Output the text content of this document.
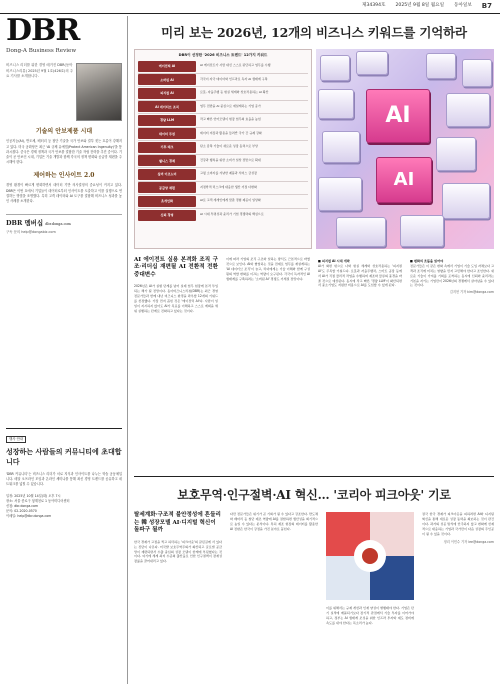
제34394호 2025년 9월 8일 월요일 동아일보 B7
DBR
Dong-A Business Review
비즈니스 리더를 위한 경영 매거진 DBR(동아비즈니스리뷰) 2025년 9월 1호(426호)의 주요 기사를 소개합니다.
기술의 안보제품 시대
인공지능(AI), 반도체, 배터리 등 첨단 기술을 국가 안보와 결부 짓는 흐름이 강해지고 있다. 미국 공화당은 최근 'AI 규제 유예법(Protect American Ingenuity)'을 통과시켰다. 중국은 경제 정책과 국가 안보를 결합한 기술 자립 전략을 추진 중이다. 기술이 곧 안보인 시대, 기업은 기술 개발과 함께 각국의 정책 변화와 공급망 재편을 주시해야 한다.
제어하는 인사이트 2.0
경영 환경이 빠르게 변화하면서 데이터 기반 의사결정의 중요성이 커지고 있다. DBR은 이번 호에서 기업들이 데이터로부터 인사이트를 도출하고 이를 실행으로 연결하는 방법을 조명했다. 특히 고객 데이터와 AI 도구를 결합해 비즈니스 성과를 높인 사례를 소개한다.
DBR 멤버십 dbr.donga.com
구독 문의 help@dongabiz.com
행사 안내
성장하는 사람들의 커뮤니티에 초대합니다
'DBR 커뮤니티'는 비즈니스 리더가 서로 지식과 인사이트를 나누는 학습 공동체입니다. 매달 오프라인 모임과 온라인 세미나를 통해 최신 경영 트렌드를 공유하고 네트워크를 넓힐 수 있습니다.
일정: 2025년 10월 14일(화) 오후 7시
장소: 서울 종로구 청계천로 1 동아미디어센터
신청: dbr.donga.com
문의: 02-2020-0570
이메일: help@dbr.donga.com
미리 보는 2026년, 12개의 비즈니스 키워드를 기억하라
DBR이 선정한 '2026 비즈니스 트렌드' 12가지 키워드
에이전틱 AI	AI 에이전트가 사람 대신 스스로 판단하고 업무를 수행
소버린 AI	각국이 자국 데이터와 인프라로 독자 AI 생태계 구축
피지컬 AI	로봇, 자율주행 등 현실 세계와 상호작용하는 AI 확산
AI 네이티브 조직	업무 전반을 AI 중심으로 재설계하는 기업 증가
경량 LLM	작고 빠른 언어모델이 현장 업무의 효율을 높임
데이터 주권	데이터 저장과 활용을 둘러싼 국가 간 규제 강화
기후 테크	탄소 감축 기술이 새로운 성장 동력으로 부상
웰니스 경제	건강과 행복을 위한 소비가 일상 전반으로 확대
실버 이코노미	고령 소비자를 겨냥한 제품과 서비스 급성장
공급망 재편	지정학적 리스크에 대응한 생산 거점 다변화
초개인화	AI로 고객 개개인에게 맞춘 경험 제공이 일상화
신뢰 경영	AI 시대 투명성과 윤리가 기업 경쟁력의 핵심으로
AI
AI
AI 에이전트 실용 본격화 조직 구조·리더십 재편될 AI 전환적 전환 중대변수
2026년은 AI가 실험 단계를 넘어 실제 업무 현장에 본격 투입되는 해가 될 전망이다. 동아비즈니스리뷰(DBR)는 최근 경영 전문가들과 함께 내년 비즈니스 환경을 좌우할 12개의 키워드를 선정했다. 가장 먼저 꼽힌 것은 '에이전틱 AI'다. 사람이 일일이 지시하지 않아도 AI가 목표를 이해하고 스스로 계획을 세워 실행하는 단계로 진화하고 있다는 것이다.
이에 따라 기업의 조직 구조와 일하는 방식도 근본적으로 바뀔 것으로 보인다. AI와 협업하는 것을 전제로 업무를 재설계하는 'AI 네이티브 조직'이 늘고, 리더에게는 기술 이해와 함께 구성원의 역할 변화를 이끄는 역량이 요구된다. 각국이 독자적인 AI 생태계를 구축하려는 '소버린 AI' 경쟁도 거세질 전망이다.
■ 피지컬 AI 시대 개막
AI가 화면 밖으로 나와 현실 세계와 상호작용하는 '피지컬 AI'도 주목할 키워드다. 로봇과 자율주행차, 스마트 공장 등에서 AI가 직접 물리적 작업을 수행하며 제조와 물류의 풍경을 바꿀 것으로 예상된다. 동시에 작고 빠른 '경량 LLM'이 확산되면서 중소기업도 저렴한 비용으로 AI를 도입할 수 있게 된다.
■ 변화의 흐름을 읽어야
전문가들은 이 같은 변화 속에서 기업이 기술 도입 자체보다 고객과 조직에 미치는 영향을 먼저 고민해야 한다고 조언한다. 새로운 기술이 가져올 기회를 포착하는 동시에 신뢰와 윤리라는 기본을 지키는 기업만이 2026년의 경쟁에서 살아남을 수 있다는 것이다.
김지현 기자 kim@donga.com
보호무역·인구절벽·AI 혁신… '코리아 피크아웃' 기로
탈세계화·구조적 불안정성에 흔들리는 韓 성장모델 AI·디지털 혁신이 돌파구 될까
한국 경제가 고점을 찍고 하락하는 '피크아웃'의 갈림길에 서 있다는 진단이 나온다. 미국발 보호무역주의가 확산되고 글로벌 공급망이 재편되면서 수출 중심의 성장 모델이 한계에 부딪혔다는 것이다. 여기에 세계 최저 수준의 출산율로 인한 인구절벽이 잠재성장률을 끌어내리고 있다.
다만 전문가들은 위기가 곧 기회가 될 수 있다고 강조한다. 반도체와 배터리 등 첨단 제조 역량에 AI를 결합하면 생산성을 획기적으로 높일 수 있다는 분석이다. 특히 제조 현장의 데이터를 활용한 AI 전환은 한국이 강점을 가진 분야로 꼽힌다.
이를 위해서는 규제 개선과 인재 양성이 병행돼야 한다. 기업은 단기 실적에 매몰되기보다 장기적 관점에서 기술 투자를 이어가야 하고, 정부는 AI 생태계 조성을 위한 인프라 투자와 제도 정비에 속도를 내야 한다는 목소리가 높다.
결국 한국 경제가 피크아웃을 피하려면 AI와 디지털 혁신을 통해 새로운 성장 동력을 확보하는 것이 관건이다. 과거의 성공 방식에 안주하지 않고 변화에 선제적으로 대응하는 기업과 국가만이 다음 성장의 주인공이 될 수 있을 것이다.
정리 이민수 기자 lee@donga.com
